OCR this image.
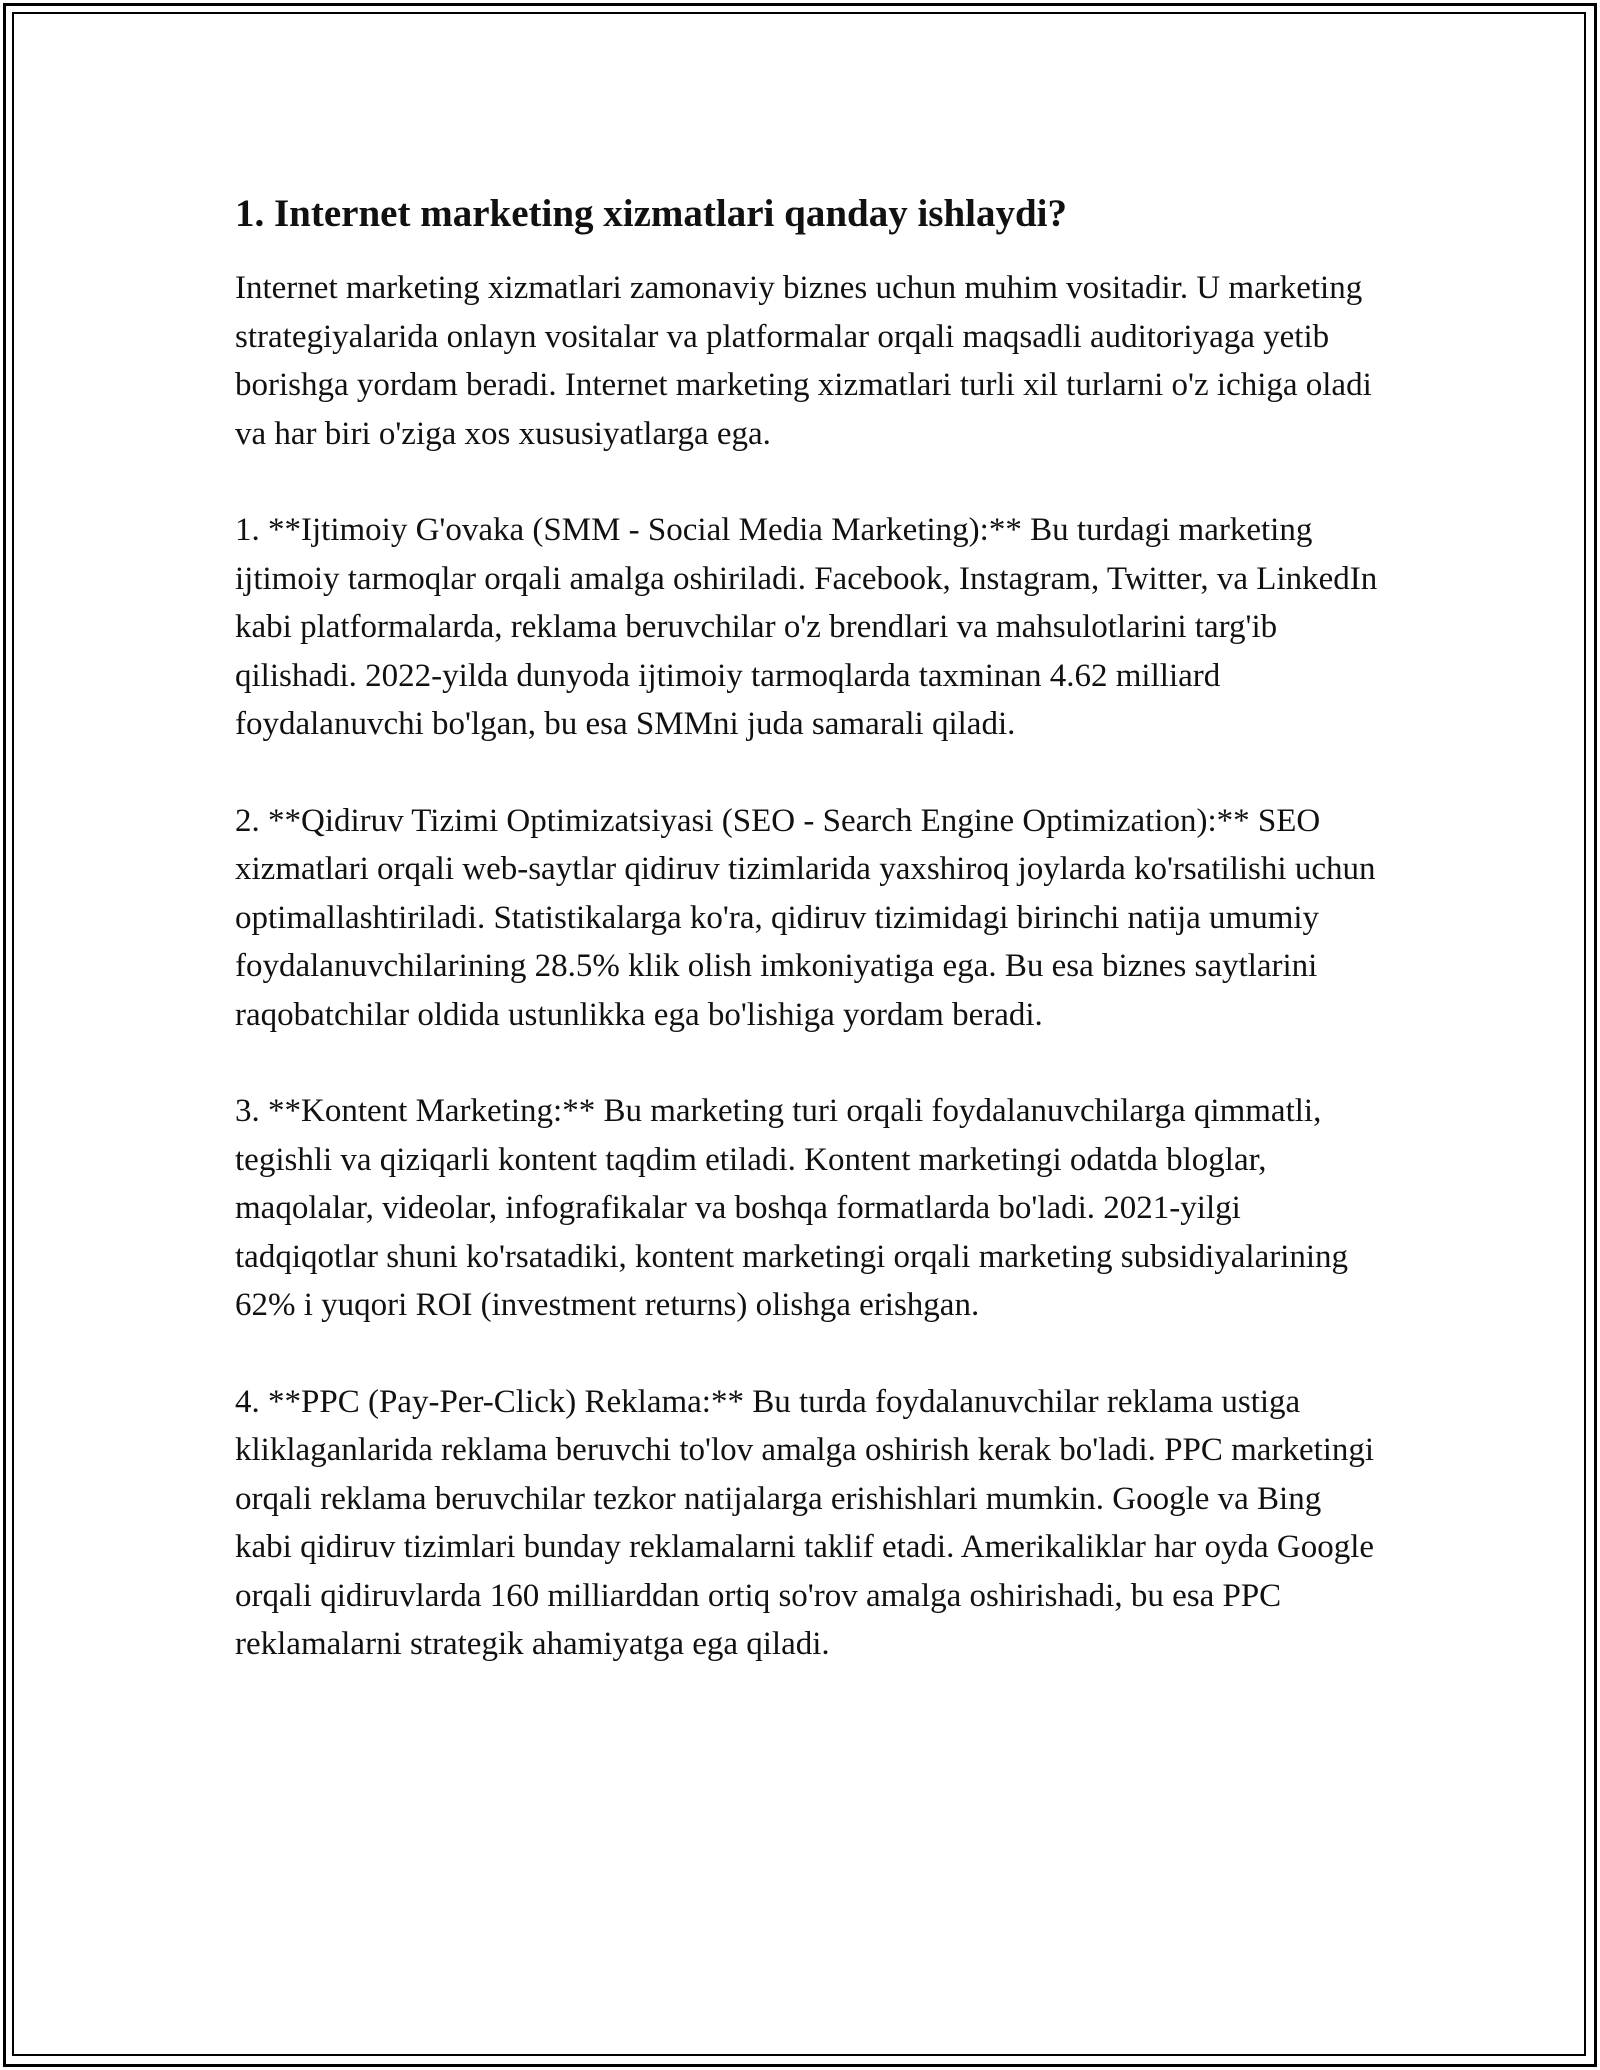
1. Internet marketing xizmatlari qanday ishlaydi?

Internet marketing xizmatlari zamonaviy biznes uchun muhim vositadir. U marketing strategiyalarida onlayn vositalar va platformalar orqali maqsadli auditoriyaga yetib borishga yordam beradi. Internet marketing xizmatlari turli xil turlarni o'z ichiga oladi va har biri o'ziga xos xususiyatlarga ega.

1. **Ijtimoiy G'ovaka (SMM - Social Media Marketing):** Bu turdagi marketing ijtimoiy tarmoqlar orqali amalga oshiriladi. Facebook, Instagram, Twitter, va LinkedIn kabi platformalarda, reklama beruvchilar o'z brendlari va mahsulotlarini targ'ib qilishadi. 2022-yilda dunyoda ijtimoiy tarmoqlarda taxminan 4.62 milliard foydalanuvchi bo'lgan, bu esa SMMni juda samarali qiladi.

2. **Qidiruv Tizimi Optimizatsiyasi (SEO - Search Engine Optimization):** SEO xizmatlari orqali web-saytlar qidiruv tizimlarida yaxshiroq joylarda ko'rsatilishi uchun optimallashtiriladi. Statistikalarga ko'ra, qidiruv tizimidagi birinchi natija umumiy foydalanuvchilarining 28.5% klik olish imkoniyatiga ega. Bu esa biznes saytlarini raqobatchilar oldida ustunlikka ega bo'lishiga yordam beradi.

3. **Kontent Marketing:** Bu marketing turi orqali foydalanuvchilarga qimmatli, tegishli va qiziqarli kontent taqdim etiladi. Kontent marketingi odatda bloglar, maqolalar, videolar, infografikalar va boshqa formatlarda bo'ladi. 2021-yilgi tadqiqotlar shuni ko'rsatadiki, kontent marketingi orqali marketing subsidiyalarining 62% i yuqori ROI (investment returns) olishga erishgan.

4. **PPC (Pay-Per-Click) Reklama:** Bu turda foydalanuvchilar reklama ustiga kliklaganlarida reklama beruvchi to'lov amalga oshirish kerak bo'ladi. PPC marketingi orqali reklama beruvchilar tezkor natijalarga erishishlari mumkin. Google va Bing kabi qidiruv tizimlari bunday reklamalarni taklif etadi. Amerikaliklar har oyda Google orqali qidiruvlarda 160 milliarddan ortiq so'rov amalga oshirishadi, bu esa PPC reklamalarni strategik ahamiyatga ega qiladi.
